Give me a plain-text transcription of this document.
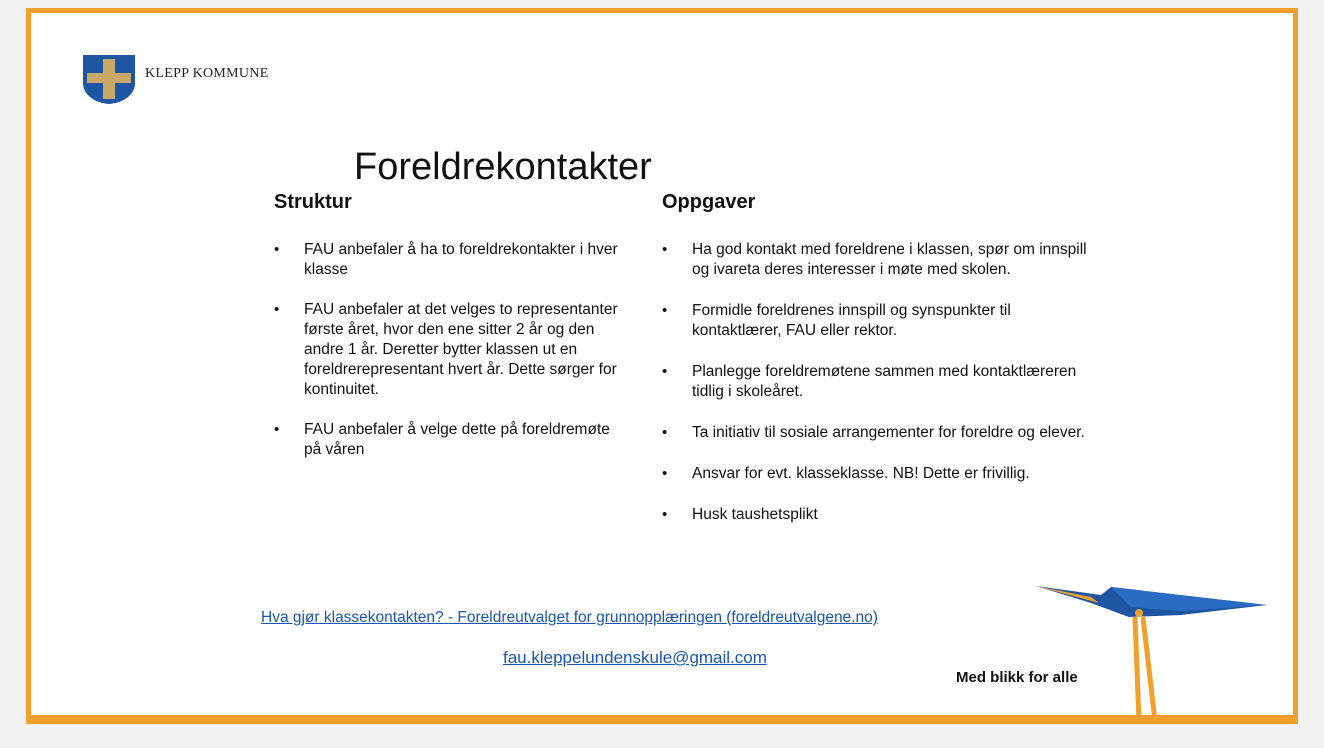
KLEPP KOMMUNE
Foreldrekontakter
Struktur
• FAU anbefaler å ha to foreldrekontakter i hver klasse
• FAU anbefaler at det velges to representanter første året, hvor den ene sitter 2 år og den andre 1 år. Deretter bytter klassen ut en foreldrerepresentant hvert år. Dette sørger for kontinuitet.
• FAU anbefaler å velge dette på foreldremøte på våren
Oppgaver
• Ha god kontakt med foreldrene i klassen, spør om innspill og ivareta deres interesser i møte med skolen.
• Formidle foreldrenes innspill og synspunkter til kontaktlærer, FAU eller rektor.
• Planlegge foreldremøtene sammen med kontaktlæreren tidlig i skoleåret.
• Ta initiativ til sosiale arrangementer for foreldre og elever.
• Ansvar for evt. klasseklasse. NB! Dette er frivillig.
• Husk taushetsplikt
Hva gjør klassekontakten? - Foreldreutvalget for grunnopplæringen (foreldreutvalgene.no)
fau.kleppelundenskule@gmail.com
Med blikk for alle
